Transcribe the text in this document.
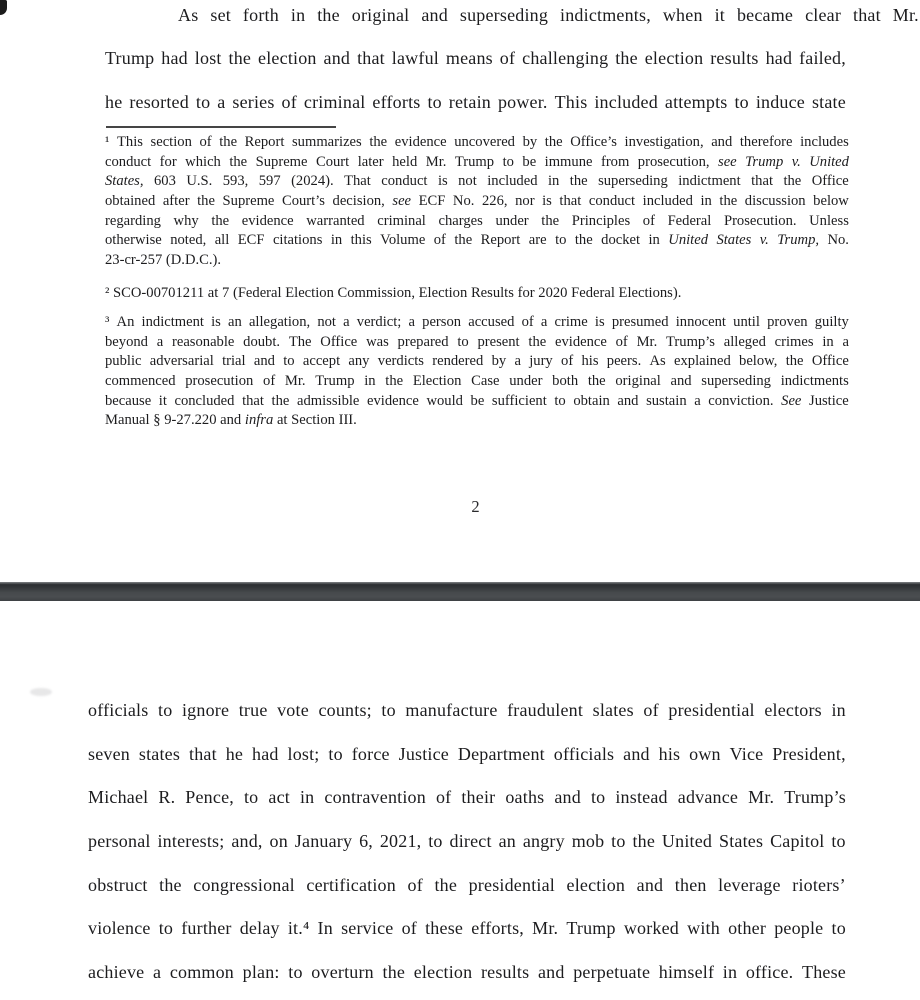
As set forth in the original and superseding indictments, when it became clear that Mr.
Trump had lost the election and that lawful means of challenging the election results had failed,
he resorted to a series of criminal efforts to retain power. This included attempts to induce state
¹ This section of the Report summarizes the evidence uncovered by the Office’s investigation, and therefore includes
conduct for which the Supreme Court later held Mr. Trump to be immune from prosecution, see Trump v. United
States, 603 U.S. 593, 597 (2024). That conduct is not included in the superseding indictment that the Office
obtained after the Supreme Court’s decision, see ECF No. 226, nor is that conduct included in the discussion below
regarding why the evidence warranted criminal charges under the Principles of Federal Prosecution. Unless
otherwise noted, all ECF citations in this Volume of the Report are to the docket in United States v. Trump, No.
23-cr-257 (D.D.C.).
² SCO-00701211 at 7 (Federal Election Commission, Election Results for 2020 Federal Elections).
³ An indictment is an allegation, not a verdict; a person accused of a crime is presumed innocent until proven guilty
beyond a reasonable doubt. The Office was prepared to present the evidence of Mr. Trump’s alleged crimes in a
public adversarial trial and to accept any verdicts rendered by a jury of his peers. As explained below, the Office
commenced prosecution of Mr. Trump in the Election Case under both the original and superseding indictments
because it concluded that the admissible evidence would be sufficient to obtain and sustain a conviction. See Justice
Manual § 9-27.220 and infra at Section III.
2
officials to ignore true vote counts; to manufacture fraudulent slates of presidential electors in
seven states that he had lost; to force Justice Department officials and his own Vice President,
Michael R. Pence, to act in contravention of their oaths and to instead advance Mr. Trump’s
personal interests; and, on January 6, 2021, to direct an angry mob to the United States Capitol to
obstruct the congressional certification of the presidential election and then leverage rioters’
violence to further delay it.⁴ In service of these efforts, Mr. Trump worked with other people to
achieve a common plan: to overturn the election results and perpetuate himself in office. These
